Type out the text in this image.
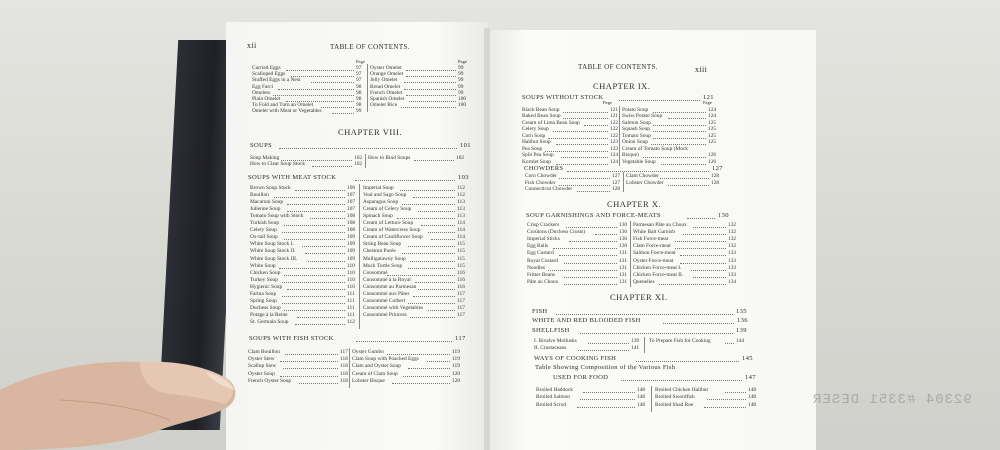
xii	TABLE OF CONTENTS.
Page	Page
CHAPTER VIII.
TABLE OF CONTENTS.	xiii
Page	Page
CHAPTER IX.
CHAPTER X.
CHAPTER XI.
Table Showing Composition of the Various Fish
Curried Eggs	97
Scalloped Eggs	97
Stuffed Eggs in a Nest	97
Egg Farci	98
Omelets	98
Plain Omelet	98
To Fold and Turn an Omelet	98
Omelet with Meat or Vegetables	99
Oyster Omelet	99
Orange Omelet	99
Jelly Omelet	99
Bread Omelet	99
French Omelet	99
Spanish Omelet	100
Omelet Rice	100
SOUPS	101
Soup Making	102
How to Clear Soup Stock	102
How to Bind Soups	102
SOUPS WITH MEAT STOCK	103
Brown Soup Stock	106
Bouillon	107
Macaroni Soup	107
Julienne Soup	107
Tomato Soup with Stock	108
Turkish Soup	108
Celery Soup	108
Ox-tail Soup	109
White Soup Stock I.	109
White Soup Stock II.	109
White Soup Stock III.	109
White Soup	110
Chicken Soup	110
Turkey Soup	110
Hygienic Soup	110
Farina Soup	111
Spring Soup	111
Duchess Soup	111
Potage à la Reine	111
St. Germain Soup	112
Imperial Soup	112
Veal and Sago Soup	112
Asparagus Soup	113
Cream of Celery Soup	113
Spinach Soup	113
Cream of Lettuce Soup	114
Cream of Watercress Soup	114
Cream of Cauliflower Soup	114
String Bean Soup	115
Chestnut Purée	115
Mulligatawny Soup	115
Mock Turtle Soup	115
Consommé	116
Consommé à la Royal	116
Consommé au Parmesan	116
Consommé aux Pâtes	117
Consommé Colbert	117
Consommé with Vegetables	117
Consommé Princess	117
SOUPS WITH FISH STOCK	117
Clam Bouillon	117
Oyster Stew	118
Scallop Stew	118
Oyster Soup	118
French Oyster Soup	118
Oyster Gumbo	119
Clam Soup with Poached Eggs	119
Clam and Oyster Soup	119
Cream of Clam Soup	120
Lobster Bisque	120
SOUPS WITHOUT STOCK	121
Black Bean Soup	121
Baked Bean Soup	121
Cream of Lima Bean Soup	122
Celery Soup	122
Corn Soup	122
Halibut Soup	123
Pea Soup	123
Split Pea Soup	124
Kornlet Soup	124
Potato Soup	124
Swiss Potato Soup	124
Salmon Soup	125
Squash Soup	125
Tomato Soup	125
Onion Soup	125
Cream of Tomato Soup (Mock
Bisque)	126
Vegetable Soup	126
CHOWDERS	127
Corn Chowder	127
Fish Chowder	127
Connecticut Chowder	128
Clam Chowder	128
Lobster Chowder	128
SOUP GARNISHINGS AND FORCE-MEATS	130
Crisp Crackers	130
Croûtons (Duchess Crusts)	130
Imperial Sticks	130
Egg Balls	130
Egg Custard	131
Royal Custard	131
Noodles	131
Fritter Beans	131
Pâte au Choux	131
Parmesan Pâte au Choux	132
White Bait Garnish	132
Fish Force-meat	132
Clam Force-meat	132
Salmon Force-meat	133
Oyster Force-meat	133
Chicken Force-meat I.	133
Chicken Force-meat II.	133
Quenelles	134
FISH	135
WHITE AND RED BLOODED FISH	136
SHELLFISH	139
I. Bivalve Mollusks	139
II. Crustaceans	141
To Prepare Fish for Cooking	144
WAYS OF COOKING FISH	145
USED FOR FOOD	147
Broiled Haddock	148
Broiled Salmon	148
Broiled Scrod	148
Broiled Chicken Halibut	148
Broiled Swordfish	148
Broiled Shad Roe	148	92304 #3351 DESER
